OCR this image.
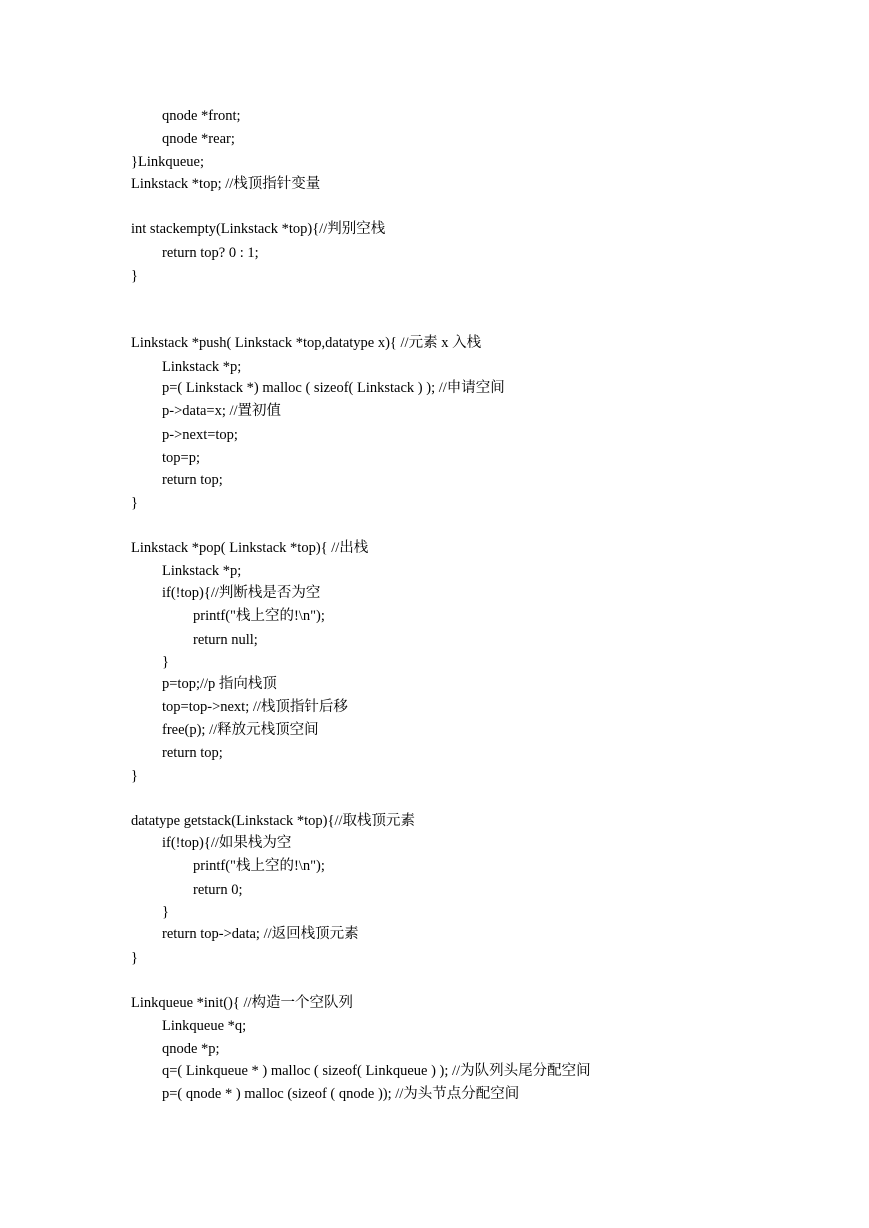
qnode *front;
qnode *rear;
}Linkqueue;
Linkstack *top; //栈顶指针变量
int stackempty(Linkstack *top){//判别空栈
return top? 0 : 1;
}
Linkstack *push( Linkstack *top,datatype x){ //元素 x 入栈
Linkstack *p;
p=( Linkstack *) malloc ( sizeof( Linkstack ) ); //申请空间
p->data=x; //置初值
p->next=top;
top=p;
return top;
}
Linkstack *pop( Linkstack *top){ //出栈
Linkstack *p;
if(!top){//判断栈是否为空
printf("栈上空的!\n");
return null;
}
p=top;//p 指向栈顶
top=top->next; //栈顶指针后移
free(p); //释放元栈顶空间
return top;
}
datatype getstack(Linkstack *top){//取栈顶元素
if(!top){//如果栈为空
printf("栈上空的!\n");
return 0;
}
return top->data; //返回栈顶元素
}
Linkqueue *init(){ //构造一个空队列
Linkqueue *q;
qnode *p;
q=( Linkqueue * ) malloc ( sizeof( Linkqueue ) ); //为队列头尾分配空间
p=( qnode * ) malloc (sizeof ( qnode )); //为头节点分配空间
